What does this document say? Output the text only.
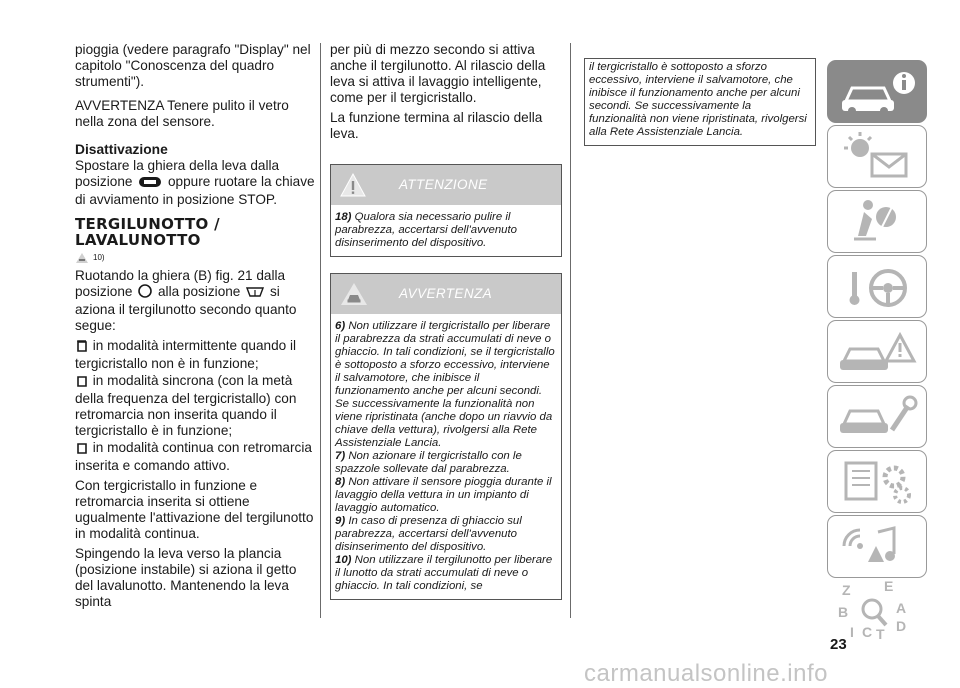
pioggia (vedere paragrafo "Display" nel capitolo "Conoscenza del quadro strumenti").

AVVERTENZA Tenere pulito il vetro nella zona del sensore.

Disattivazione

Spostare la ghiera della leva dalla posizione	oppure ruotare la chiave di avviamento in posizione STOP.

TERGILUNOTTO / LAVALUNOTTO
10)

Ruotando la ghiera (B) fig. 21 dalla posizione alla posizione si aziona il tergilunotto secondo quanto segue:

in modalità intermittente quando il tergicristallo non è in funzione;
in modalità sincrona (con la metà della frequenza del tergicristallo) con retromarcia non inserita quando il tergicristallo è in funzione;
in modalità continua con retromarcia inserita e comando attivo.

Con tergicristallo in funzione e retromarcia inserita si ottiene ugualmente l'attivazione del tergilunotto in modalità continua.

Spingendo la leva verso la plancia (posizione instabile) si aziona il getto del lavalunotto. Mantenendo la leva spinta

per più di mezzo secondo si attiva anche il tergilunotto. Al rilascio della leva si attiva il lavaggio intelligente, come per il tergicristallo.

La funzione termina al rilascio della leva.

ATTENZIONE
18) Qualora sia necessario pulire il parabrezza, accertarsi dell'avvenuto disinserimento del dispositivo.
AVVERTENZA
6) Non utilizzare il tergicristallo per liberare il parabrezza da strati accumulati di neve o ghiaccio. In tali condizioni, se il tergicristallo è sottoposto a sforzo eccessivo, interviene il salvamotore, che inibisce il funzionamento anche per alcuni secondi. Se successivamente la funzionalità non viene ripristinata (anche dopo un riavvio da chiave della vettura), rivolgersi alla Rete Assistenziale Lancia.
7) Non azionare il tergicristallo con le spazzole sollevate dal parabrezza.
8) Non attivare il sensore pioggia durante il lavaggio della vettura in un impianto di lavaggio automatico.
9) In caso di presenza di ghiaccio sul parabrezza, accertarsi dell'avvenuto disinserimento del dispositivo.
10) Non utilizzare il tergilunotto per liberare il lunotto da strati accumulati di neve o ghiaccio. In tali condizioni, se
il tergicristallo è sottoposto a sforzo eccessivo, interviene il salvamotore, che inibisce il funzionamento anche per alcuni secondi. Se successivamente la funzionalità non viene ripristinata, rivolgersi alla Rete Assistenziale Lancia.
Z E
B	A
I C T D
23
carmanualsonline.info
